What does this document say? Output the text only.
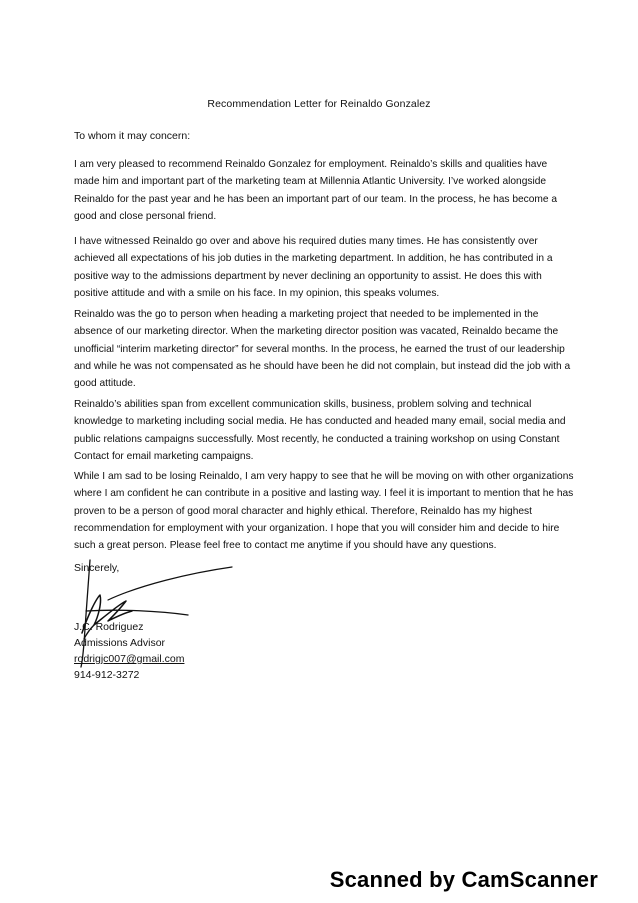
Recommendation Letter for Reinaldo Gonzalez
To whom it may concern:

I am very pleased to recommend Reinaldo Gonzalez for employment. Reinaldo’s skills and qualities have made him and important part of the marketing team at Millennia Atlantic University. I’ve worked alongside Reinaldo for the past year and he has been an important part of our team. In the process, he has become a good and close personal friend.

I have witnessed Reinaldo go over and above his required duties many times. He has consistently over achieved all expectations of his job duties in the marketing department. In addition, he has contributed in a positive way to the admissions department by never declining an opportunity to assist. He does this with positive attitude and with a smile on his face. In my opinion, this speaks volumes.

Reinaldo was the go to person when heading a marketing project that needed to be implemented in the absence of our marketing director. When the marketing director position was vacated, Reinaldo became the unofficial “interim marketing director” for several months. In the process, he earned the trust of our leadership and while he was not compensated as he should have been he did not complain, but instead did the job with a good attitude.

Reinaldo’s abilities span from excellent communication skills, business, problem solving and technical knowledge to marketing including social media. He has conducted and headed many email, social media and public relations campaigns successfully. Most recently, he conducted a training workshop on using Constant Contact for email marketing campaigns.

While I am sad to be losing Reinaldo, I am very happy to see that he will be moving on with other organizations where I am confident he can contribute in a positive and lasting way. I feel it is important to mention that he has proven to be a person of good moral character and highly ethical. Therefore, Reinaldo has my highest recommendation for employment with your organization. I hope that you will consider him and decide to hire such a great person. Please feel free to contact me anytime if you should have any questions.

Sincerely,
J.C. Rodriguez
Admissions Advisor
rodrigjc007@gmail.com
914-912-3272
Scanned by CamScanner
